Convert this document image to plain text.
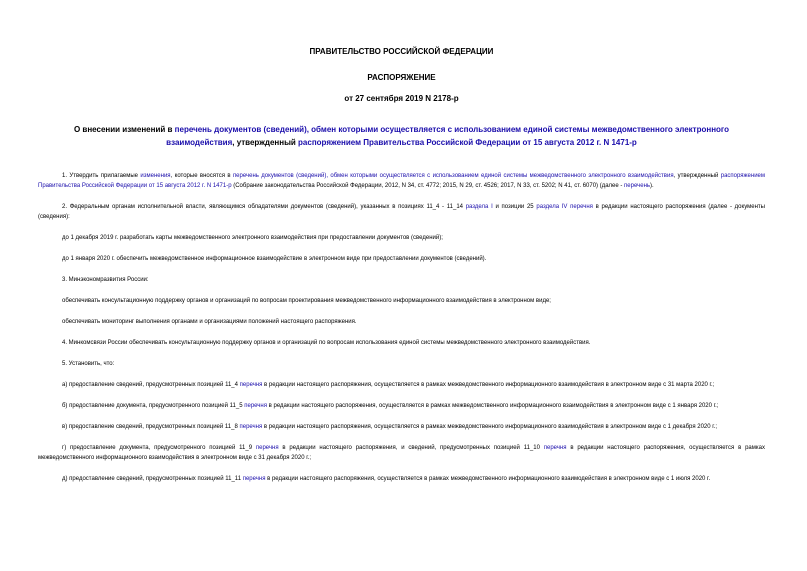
ПРАВИТЕЛЬСТВО РОССИЙСКОЙ ФЕДЕРАЦИИ
РАСПОРЯЖЕНИЕ
от 27 сентября 2019 N 2178-р
О внесении изменений в перечень документов (сведений), обмен которыми осуществляется с использованием единой системы межведомственного электронного взаимодействия, утвержденный распоряжением Правительства Российской Федерации от 15 августа 2012 г. N 1471-р

1. Утвердить прилагаемые изменения, которые вносятся в перечень документов (сведений), обмен которыми осуществляется с использованием единой системы межведомственного электронного взаимодействия, утвержденный распоряжением Правительства Российской Федерации от 15 августа 2012 г. N 1471-р (Собрание законодательства Российской Федерации, 2012, N 34, ст. 4772; 2015, N 29, ст. 4526; 2017, N 33, ст. 5202; N 41, ст. 6070) (далее - перечень).

2. Федеральным органам исполнительной власти, являющимся обладателями документов (сведений), указанных в позициях 11_4 - 11_14 раздела I и позиции 25 раздела IV перечня в редакции настоящего распоряжения (далее - документы (сведения):

до 1 декабря 2019 г. разработать карты межведомственного электронного взаимодействия при предоставлении документов (сведений);

до 1 января 2020 г. обеспечить межведомственное информационное взаимодействие в электронном виде при предоставлении документов (сведений).

3. Минэкономразвития России:

обеспечивать консультационную поддержку органов и организаций по вопросам проектирования межведомственного информационного взаимодействия в электронном виде;

обеспечивать мониторинг выполнения органами и организациями положений настоящего распоряжения.

4. Минкомсвязи России обеспечивать консультационную поддержку органов и организаций по вопросам использования единой системы межведомственного электронного взаимодействия.

5. Установить, что:

а) предоставление сведений, предусмотренных позицией 11_4 перечня в редакции настоящего распоряжения, осуществляется в рамках межведомственного информационного взаимодействия в электронном виде с 31 марта 2020 г.;

б) предоставление документа, предусмотренного позицией 11_5 перечня в редакции настоящего распоряжения, осуществляется в рамках межведомственного информационного взаимодействия в электронном виде с 1 января 2020 г.;

в) предоставление сведений, предусмотренных позицией 11_8 перечня в редакции настоящего распоряжения, осуществляется в рамках межведомственного информационного взаимодействия в электронном виде с 1 декабря 2020 г.;

г) предоставление документа, предусмотренного позицией 11_9 перечня в редакции настоящего распоряжения, и сведений, предусмотренных позицией 11_10 перечня в редакции настоящего распоряжения, осуществляется в рамках межведомственного информационного взаимодействия в электронном виде с 31 декабря 2020 г.;

д) предоставление сведений, предусмотренных позицией 11_11 перечня в редакции настоящего распоряжения, осуществляется в рамках межведомственного информационного взаимодействия в электронном виде с 1 июля 2020 г.
